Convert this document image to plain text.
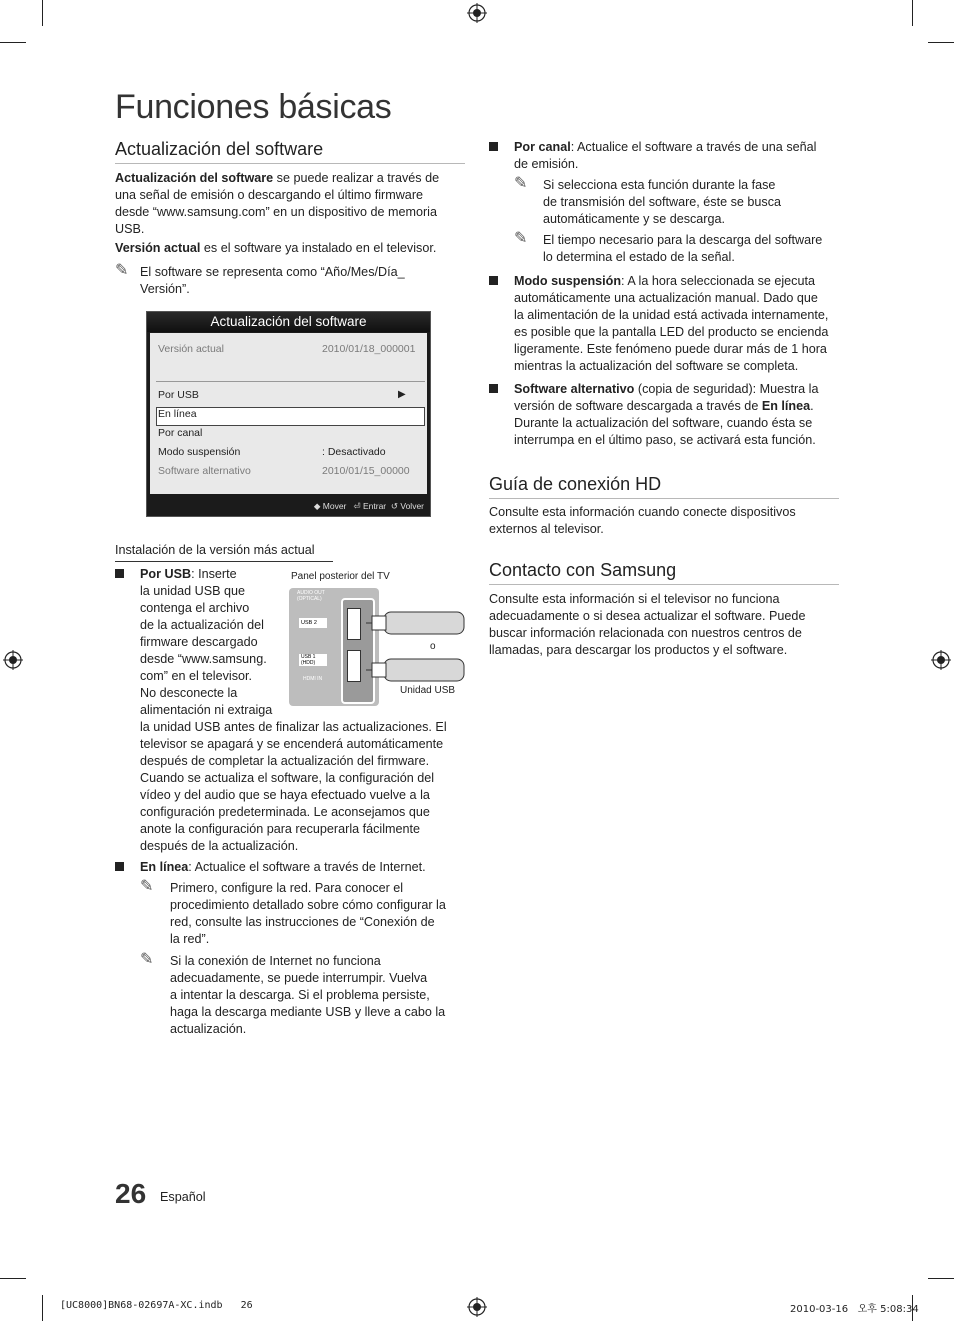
Funciones básicas
Actualización del software
Actualización del software se puede realizar a través de
una señal de emisión o descargando el último firmware
desde “www.samsung.com” en un dispositivo de memoria
USB.
Versión actual es el software ya instalado en el televisor.
✎ El software se representa como “Año/Mes/Día_
Versión”.
Actualización del software
Versión actual	2010/01/18_000001
Por USB	▶
En línea
Por canal
Modo suspensión	: Desactivado
Software alternativo	2010/01/15_00000
◆ Mover ⏎ Entrar ↺ Volver
Instalación de la versión más actual
Por USB: Inserte
la unidad USB que
contenga el archivo
de la actualización del
firmware descargado
desde “www.samsung.
com” en el televisor.
No desconecte la
alimentación ni extraiga
la unidad USB antes de finalizar las actualizaciones. El
televisor se apagará y se encenderá automáticamente
después de completar la actualización del firmware.
Cuando se actualiza el software, la configuración del
vídeo y del audio que se haya efectuado vuelve a la
configuración predeterminada. Le aconsejamos que
anote la configuración para recuperarla fácilmente
después de la actualización.
Panel posterior del TV
AUDIO OUT (OPTICAL)
USB 2
USB 1 (HDD)
HDMI IN
o
Unidad USB
En línea: Actualice el software a través de Internet.
✎ Primero, configure la red. Para conocer el
procedimiento detallado sobre cómo configurar la
red, consulte las instrucciones de “Conexión de
la red”.
✎ Si la conexión de Internet no funciona
adecuadamente, se puede interrumpir. Vuelva
a intentar la descarga. Si el problema persiste,
haga la descarga mediante USB y lleve a cabo la
actualización.
Por canal: Actualice el software a través de una señal
de emisión.
✎ Si selecciona esta función durante la fase
de transmisión del software, éste se busca
automáticamente y se descarga.
✎ El tiempo necesario para la descarga del software
lo determina el estado de la señal.
Modo suspensión: A la hora seleccionada se ejecuta
automáticamente una actualización manual. Dado que
la alimentación de la unidad está activada internamente,
es posible que la pantalla LED del producto se encienda
ligeramente. Este fenómeno puede durar más de 1 hora
mientras la actualización del software se completa.
Software alternativo (copia de seguridad): Muestra la
versión de software descargada a través de En línea.
Durante la actualización del software, cuando ésta se
interrumpa en el último paso, se activará esta función.
Guía de conexión HD
Consulte esta información cuando conecte dispositivos
externos al televisor.
Contacto con Samsung
Consulte esta información si el televisor no funciona
adecuadamente o si desea actualizar el software. Puede
buscar información relacionada con nuestros centros de
llamadas, para descargar los productos y el software.
26 Español
[UC8000]BN68-02697A-XC.indb   26	2010-03-16   오후 5:08:34
